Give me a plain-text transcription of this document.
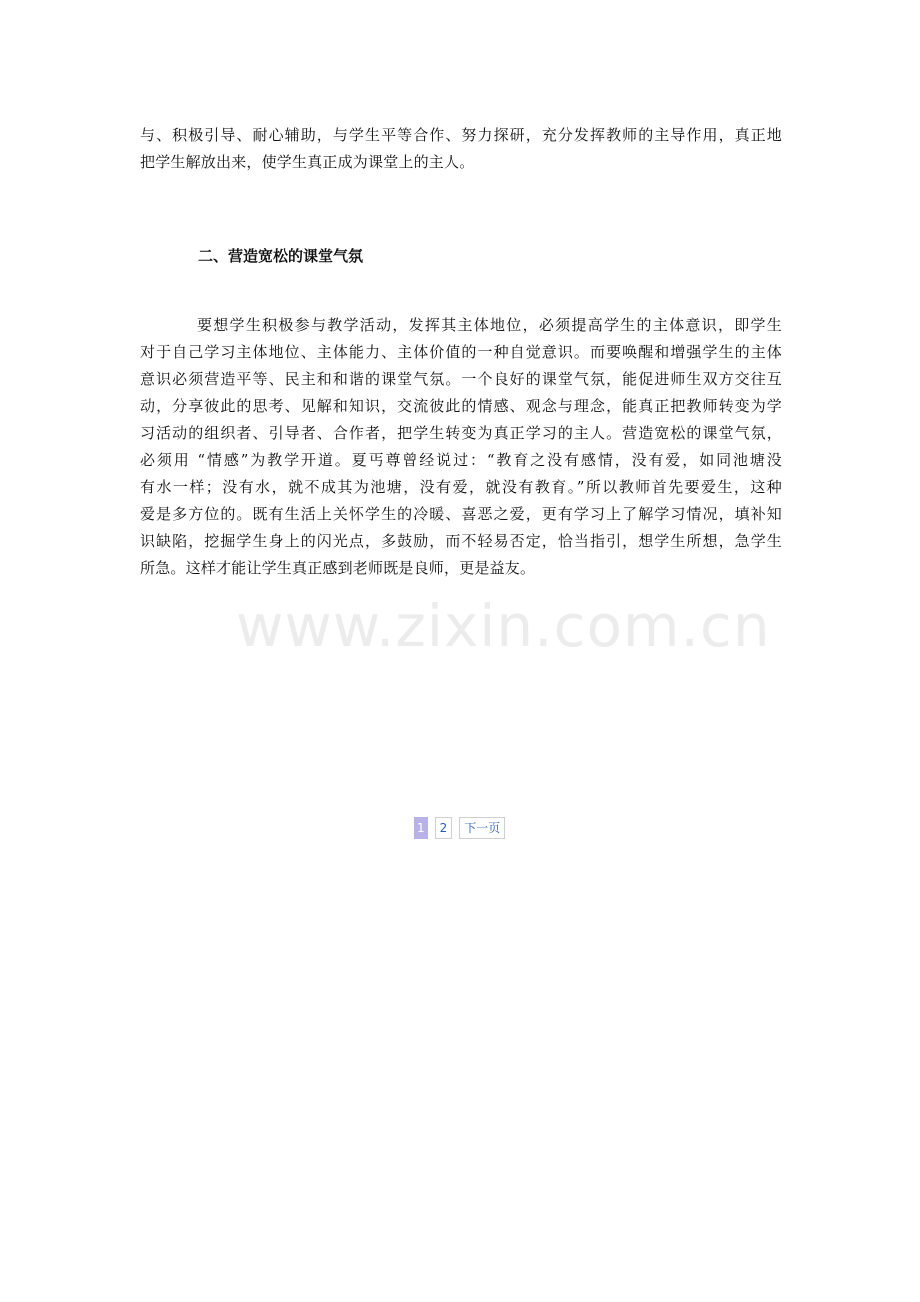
与、积极引导、耐心辅助，与学生平等合作、努力探研，充分发挥教师的主导作用，真正地
把学生解放出来，使学生真正成为课堂上的主人。
二、营造宽松的课堂气氛
要想学生积极参与教学活动，发挥其主体地位，必须提高学生的主体意识，即学生
对于自己学习主体地位、主体能力、主体价值的一种自觉意识。而要唤醒和增强学生的主体
意识必须营造平等、民主和和谐的课堂气氛。一个良好的课堂气氛，能促进师生双方交往互
动，分享彼此的思考、见解和知识，交流彼此的情感、观念与理念，能真正把教师转变为学
习活动的组织者、引导者、合作者，把学生转变为真正学习的主人。营造宽松的课堂气氛，
必须用 “情感”为教学开道。夏丐尊曾经说过：“教育之没有感情，没有爱，如同池塘没
有水一样；没有水，就不成其为池塘，没有爱，就没有教育。”所以教师首先要爱生，这种
爱是多方位的。既有生活上关怀学生的冷暖、喜恶之爱，更有学习上了解学习情况，填补知
识缺陷，挖掘学生身上的闪光点，多鼓励，而不轻易否定，恰当指引，想学生所想，急学生
所急。这样才能让学生真正感到老师既是良师，更是益友。
www.zixin.com.cn
1	2	下一页
